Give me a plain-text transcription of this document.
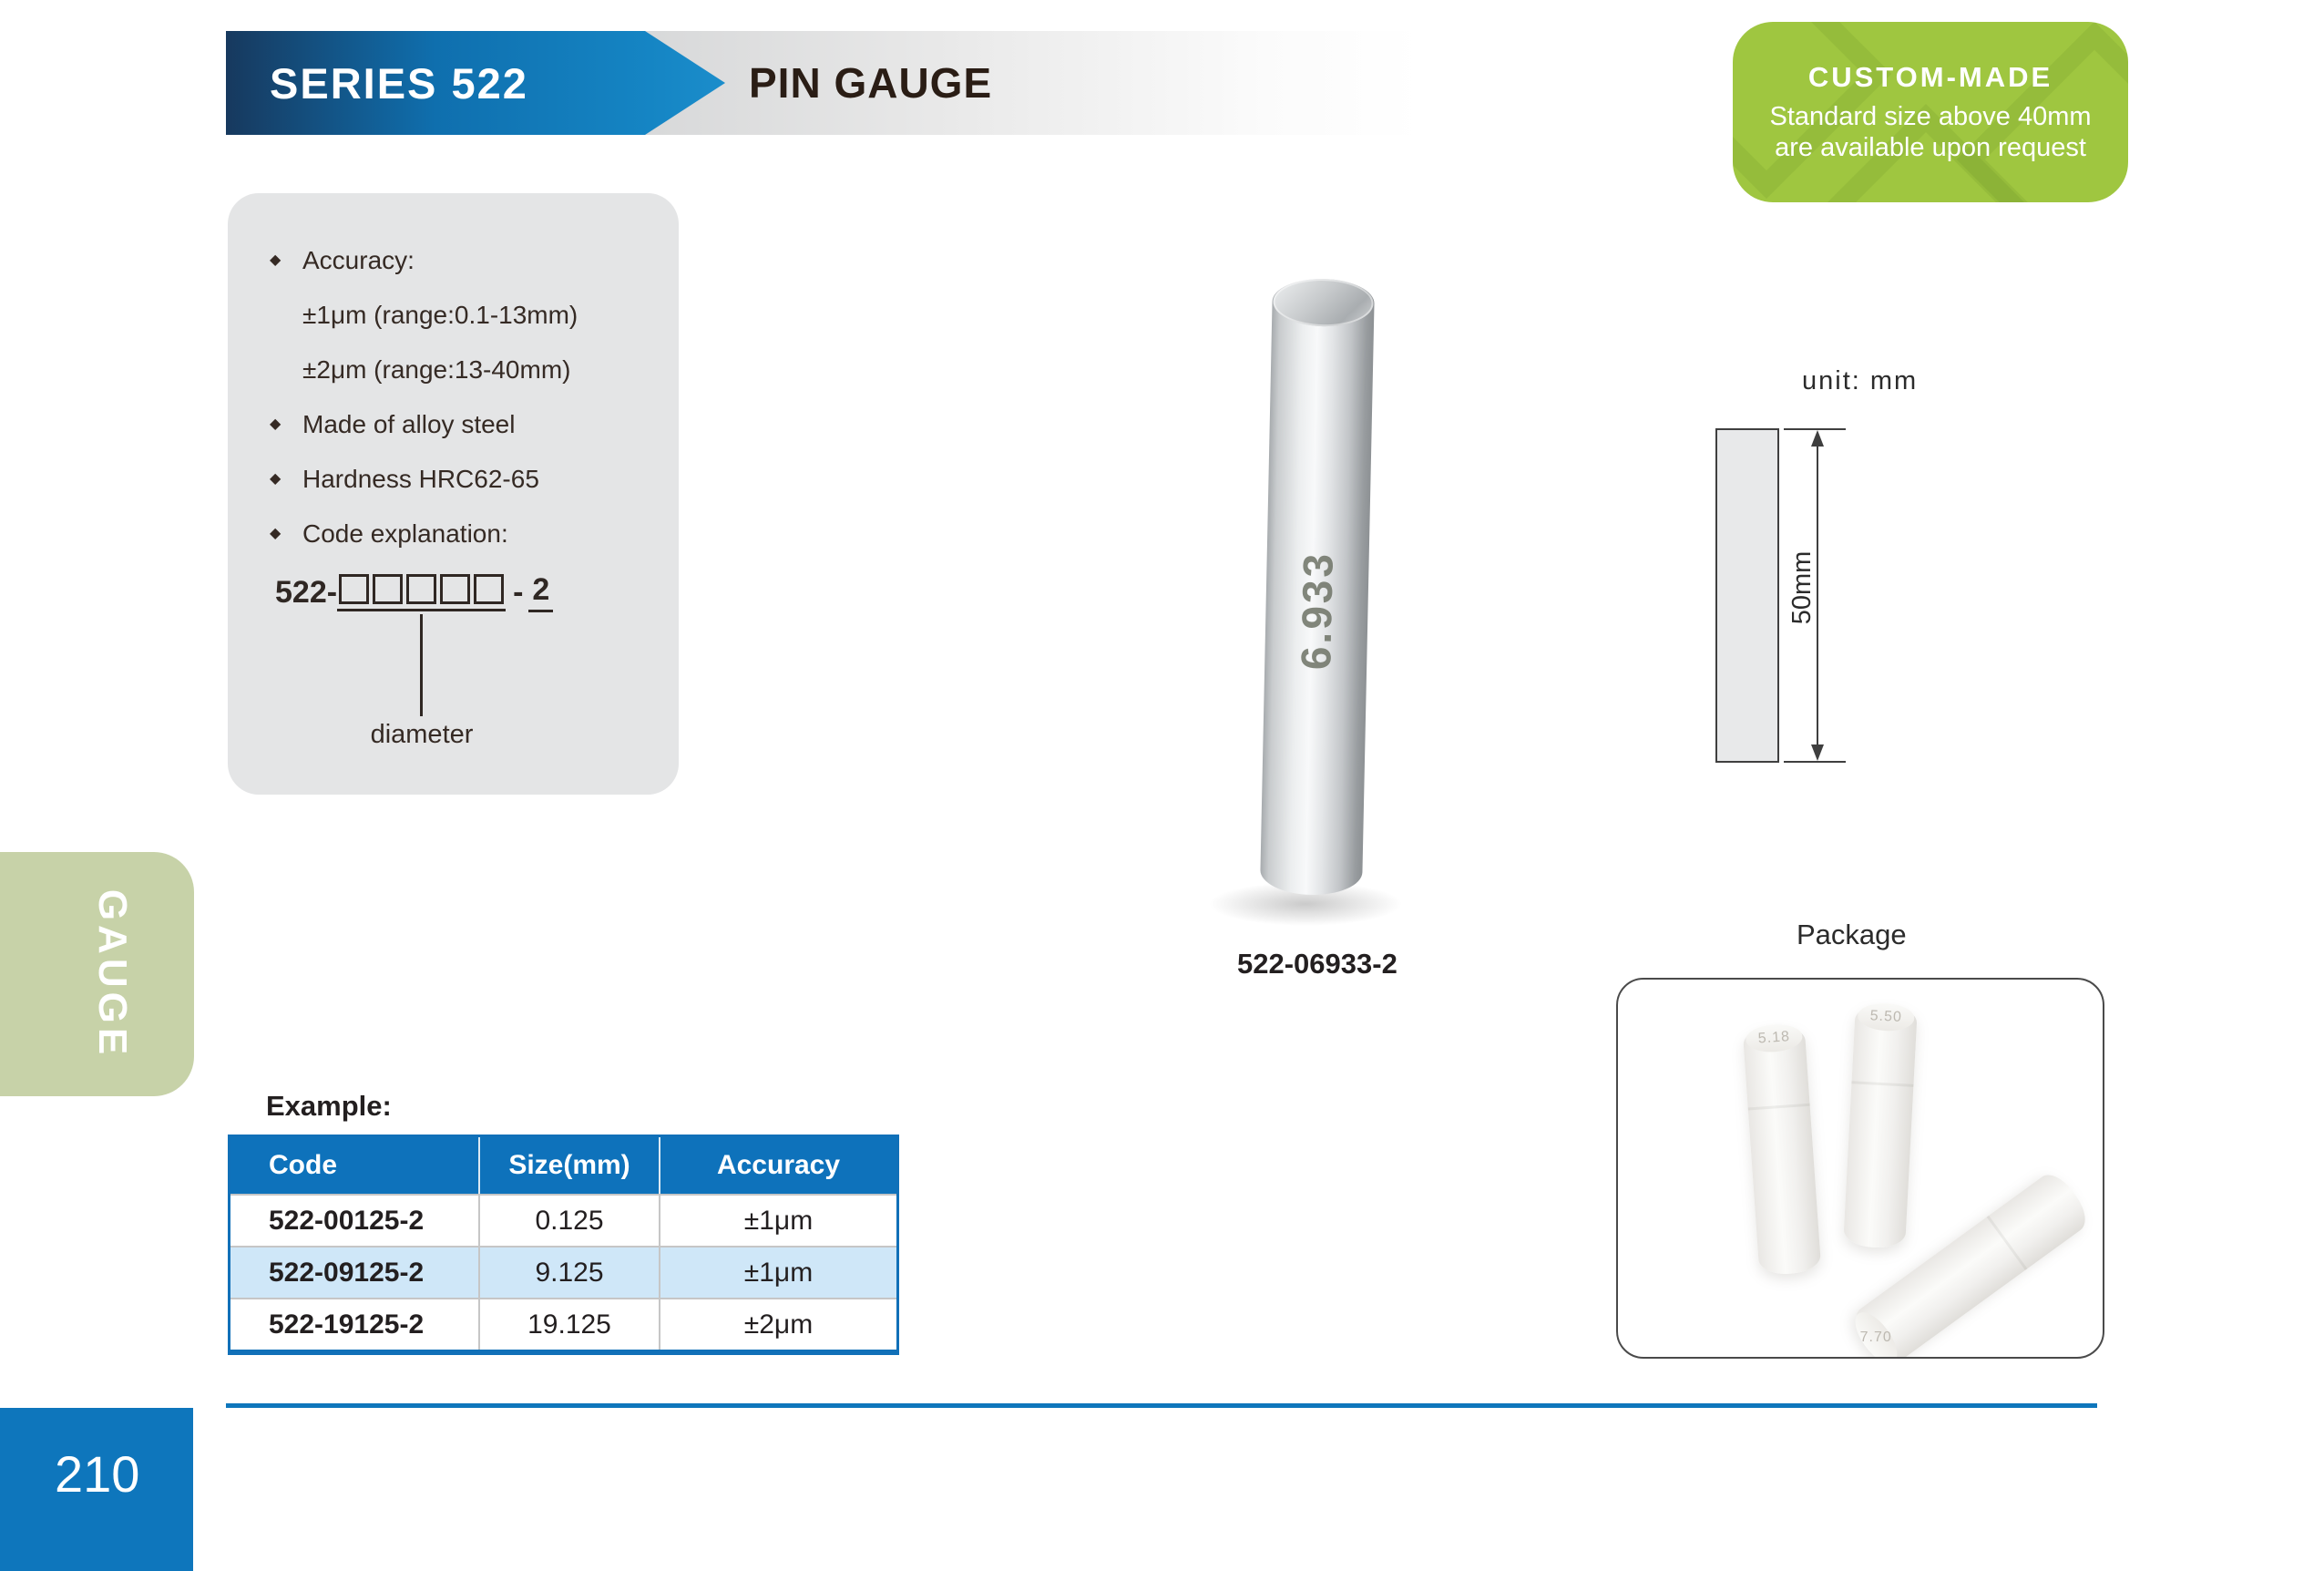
SERIES 522	PIN GAUGE	CUSTOM-MADE
Standard size above 40mm
are available upon request
◆ Accuracy:
±1μm (range:0.1-13mm)
±2μm (range:13-40mm)
◆ Made of alloy steel
◆ Hardness HRC62-65
◆ Code explanation:
522-	- 2
diameter
6.933
522-06933-2
unit: mm
50mm
Package
5.18
5.50
7.70
Example:
Code	Size(mm)	Accuracy
522-00125-2	0.125	±1μm
522-09125-2	9.125	±1μm
522-19125-2	19.125	±2μm
GAUGE
210
